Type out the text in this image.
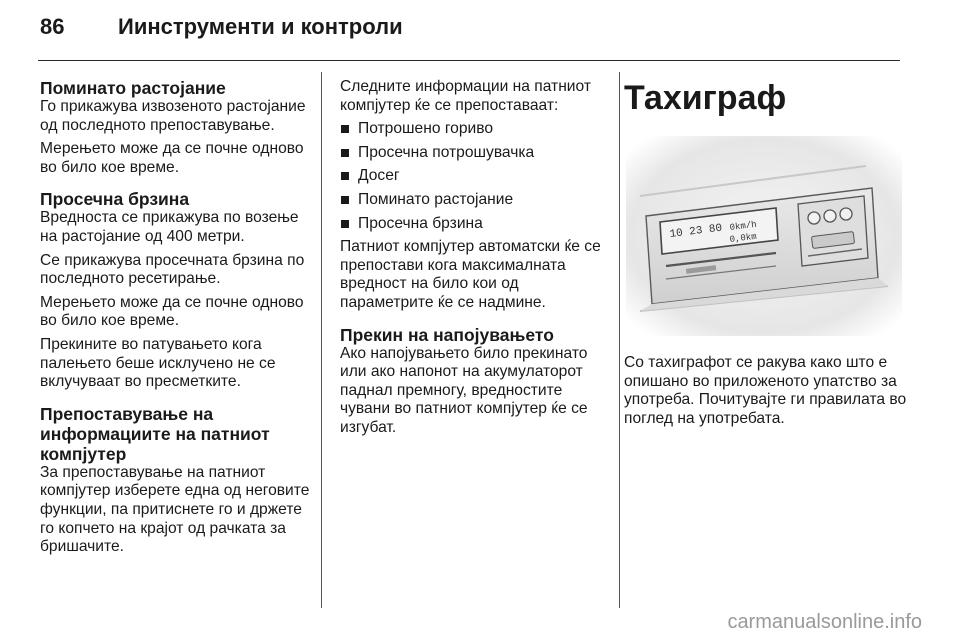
86 Иинструменти и контроли
Поминато растојание

Го прикажува извозеното растојание од последното препоставување.

Мерењето може да се почне одново во било кое време.

Просечна брзина

Вредноста се прикажува по возење на растојание од 400 метри.

Се прикажува просечната брзина по последното ресетирање.

Мерењето може да се почне одново во било кое време.

Прекините во патувањето кога палењето беше исклучено не се вклучуваат во пресметките.

Препоставување на информациите на патниот компјутер

За препоставување на патниот компјутер изберете една од неговите функции, па притиснете го и држете го копчето на крајот од рачката за бришачите.

Следните информации на патниот компјутер ќе се препоставаат:

Потрошено гориво
Просечна потрошувачка
Досег
Поминато растојание
Просечна брзина

Патниот компјутер автоматски ќе се препостави кога максималната вредност на било кои од параметрите ќе се надмине.

Прекин на напојувањето

Ако напојувањето било прекинато или ако напонот на акумулаторот паднал премногу, вредностите чувани во патниот компјутер ќе се изгубат.

Тахиграф
10 23 80 0km/h
0,0km

Со тахиграфот се ракува како што е опишано во приложеното упатство за употреба. Почитувајте ги правилата во поглед на употребата.

carmanualsonline.info
